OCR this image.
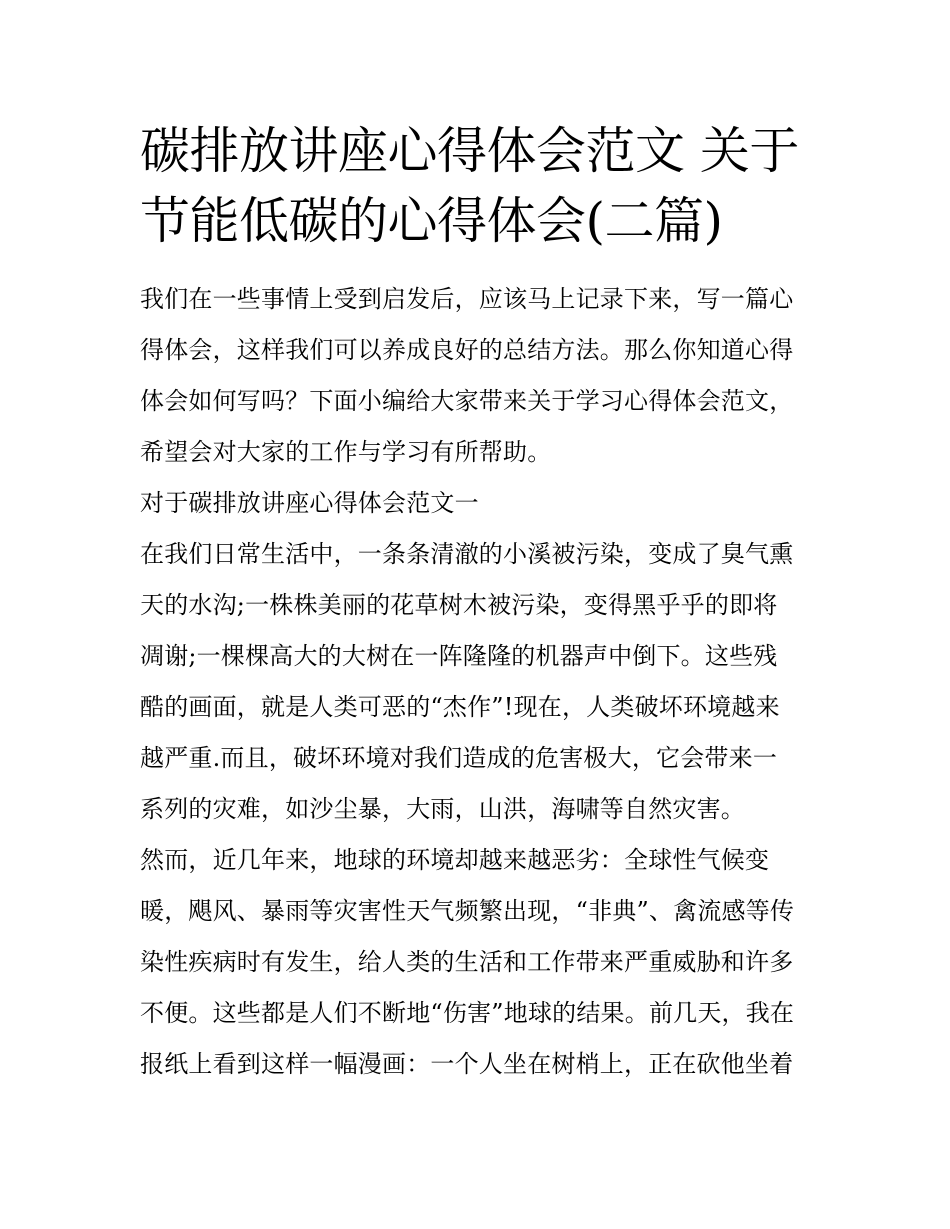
碳排放讲座心得体会范文 关于
节能低碳的心得体会(二篇)

我们在一些事情上受到启发后，应该马上记录下来，写一篇心

得体会，这样我们可以养成良好的总结方法。那么你知道心得

体会如何写吗？下面小编给大家带来关于学习心得体会范文，

希望会对大家的工作与学习有所帮助。

对于碳排放讲座心得体会范文一

在我们日常生活中，一条条清澈的小溪被污染，变成了臭气熏

天的水沟;一株株美丽的花草树木被污染，变得黑乎乎的即将

凋谢;一棵棵高大的大树在一阵隆隆的机器声中倒下。这些残

酷的画面，就是人类可恶的“杰作”!现在，人类破坏环境越来

越严重.而且，破坏环境对我们造成的危害极大，它会带来一

系列的灾难，如沙尘暴，大雨，山洪，海啸等自然灾害。

然而，近几年来，地球的环境却越来越恶劣：全球性气候变

暖，飓风、暴雨等灾害性天气频繁出现，“非典”、禽流感等传

染性疾病时有发生，给人类的生活和工作带来严重威胁和许多

不便。这些都是人们不断地“伤害”地球的结果。前几天，我在

报纸上看到这样一幅漫画：一个人坐在树梢上，正在砍他坐着
